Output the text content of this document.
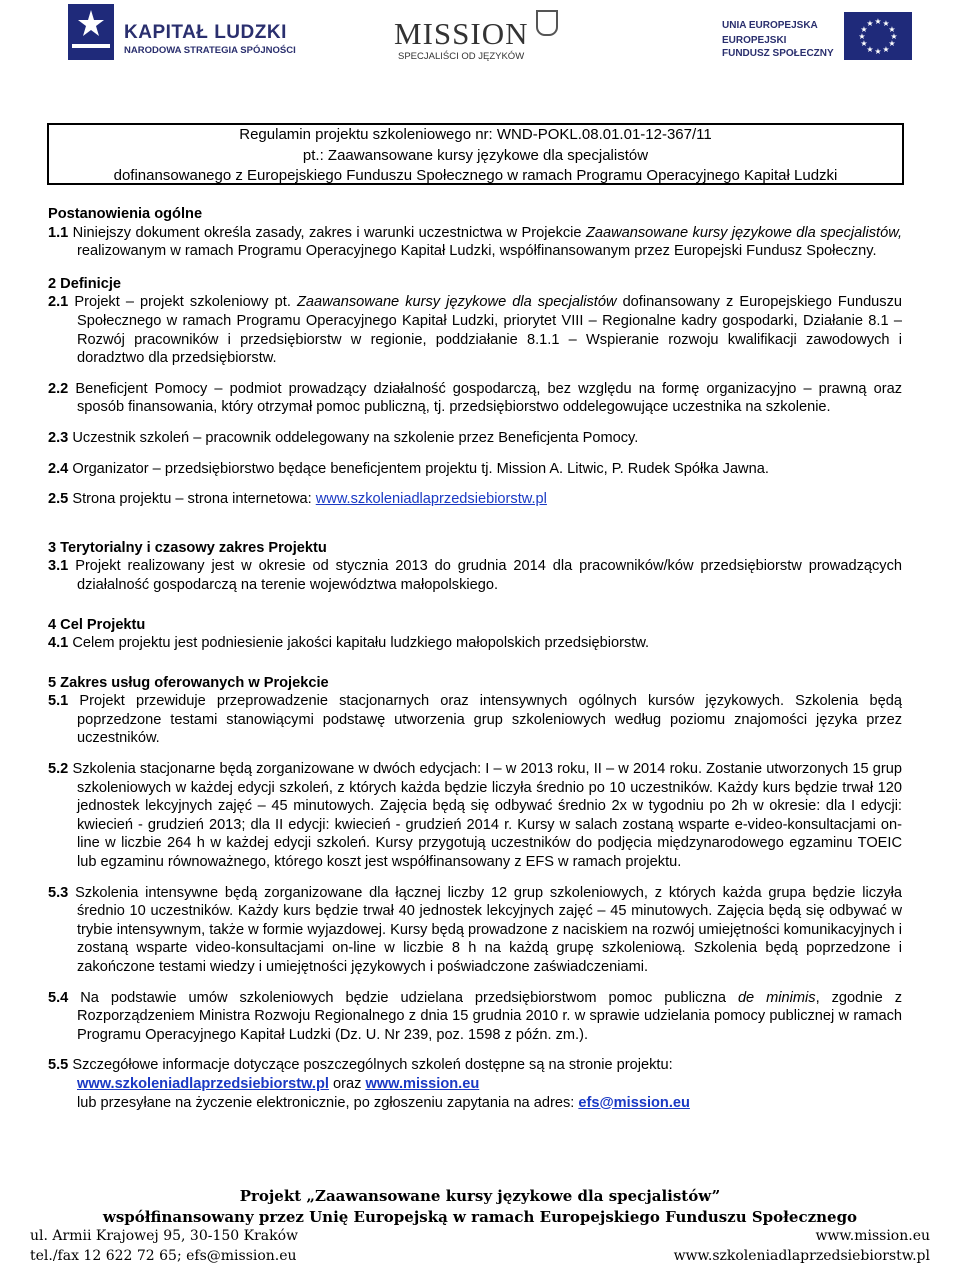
KAPITAŁ LUDZKI
NARODOWA STRATEGIA SPÓJNOŚCI	MISSION
SPECJALIŚCI OD JĘZYKÓW
UNIA EUROPEJSKA
EUROPEJSKI
FUNDUSZ SPOŁECZNY
★ ★
★
★
★
★
★
★
★
★
★
★
Regulamin projektu szkoleniowego nr: WND-POKL.08.01.01-12-367/11
pt.: Zaawansowane kursy językowe dla specjalistów
dofinansowanego z Europejskiego Funduszu Społecznego w ramach Programu Operacyjnego Kapitał Ludzki

Postanowienia ogólne

1.1 Niniejszy dokument określa zasady, zakres i warunki uczestnictwa w Projekcie Zaawansowane kursy językowe dla specjalistów, realizowanym w ramach Programu Operacyjnego Kapitał Ludzki, współfinansowanym przez Europejski Fundusz Społeczny.

2 Definicje

2.1 Projekt – projekt szkoleniowy pt. Zaawansowane kursy językowe dla specjalistów dofinansowany z Europejskiego Funduszu Społecznego w ramach Programu Operacyjnego Kapitał Ludzki, priorytet VIII – Regionalne kadry gospodarki, Działanie 8.1 – Rozwój pracowników i przedsiębiorstw w regionie, poddziałanie 8.1.1 – Wspieranie rozwoju kwalifikacji zawodowych i doradztwo dla przedsiębiorstw.

2.2 Beneficjent Pomocy – podmiot prowadzący działalność gospodarczą, bez względu na formę organizacyjno – prawną oraz sposób finansowania, który otrzymał pomoc publiczną, tj. przedsiębiorstwo oddelegowujące uczestnika na szkolenie.

2.3 Uczestnik szkoleń – pracownik oddelegowany na szkolenie przez Beneficjenta Pomocy.

2.4 Organizator – przedsiębiorstwo będące beneficjentem projektu tj. Mission A. Litwic, P. Rudek Spółka Jawna.

2.5 Strona projektu – strona internetowa: www.szkoleniadlaprzedsiebiorstw.pl

3 Terytorialny i czasowy zakres Projektu

3.1 Projekt realizowany jest w okresie od stycznia 2013 do grudnia 2014 dla pracowników/ków przedsiębiorstw prowadzących działalność gospodarczą na terenie województwa małopolskiego.

4 Cel Projektu

4.1 Celem projektu jest podniesienie jakości kapitału ludzkiego małopolskich przedsiębiorstw.

5 Zakres usług oferowanych w Projekcie

5.1 Projekt przewiduje przeprowadzenie stacjonarnych oraz intensywnych ogólnych kursów językowych. Szkolenia będą poprzedzone testami stanowiącymi podstawę utworzenia grup szkoleniowych według poziomu znajomości języka przez uczestników.

5.2 Szkolenia stacjonarne będą zorganizowane w dwóch edycjach: I – w 2013 roku, II – w 2014 roku. Zostanie utworzonych 15 grup szkoleniowych w każdej edycji szkoleń, z których każda będzie liczyła średnio po 10 uczestników. Każdy kurs będzie trwał 120 jednostek lekcyjnych zajęć – 45 minutowych. Zajęcia będą się odbywać średnio 2x w tygodniu po 2h w okresie: dla I edycji: kwiecień - grudzień 2013; dla II edycji: kwiecień - grudzień 2014 r. Kursy w salach zostaną wsparte e-video-konsultacjami on-line w liczbie 264 h w każdej edycji szkoleń. Kursy przygotują uczestników do podjęcia międzynarodowego egzaminu TOEIC lub egzaminu równoważnego, którego koszt jest współfinansowany z EFS w ramach projektu.

5.3 Szkolenia intensywne będą zorganizowane dla łącznej liczby 12 grup szkoleniowych, z których każda grupa będzie liczyła średnio 10 uczestników. Każdy kurs będzie trwał 40 jednostek lekcyjnych zajęć – 45 minutowych. Zajęcia będą się odbywać w trybie intensywnym, także w formie wyjazdowej. Kursy będą prowadzone z naciskiem na rozwój umiejętności komunikacyjnych i zostaną wsparte video-konsultacjami on-line w liczbie 8 h na każdą grupę szkoleniową. Szkolenia będą poprzedzone i zakończone testami wiedzy i umiejętności językowych i poświadczone zaświadczeniami.

5.4 Na podstawie umów szkoleniowych będzie udzielana przedsiębiorstwom pomoc publiczna de minimis, zgodnie z Rozporządzeniem Ministra Rozwoju Regionalnego z dnia 15 grudnia 2010 r. w sprawie udzielania pomocy publicznej w ramach Programu Operacyjnego Kapitał Ludzki (Dz. U. Nr 239, poz. 1598 z późn. zm.).

5.5 Szczegółowe informacje dotyczące poszczególnych szkoleń dostępne są na stronie projektu:
www.szkoleniadlaprzedsiebiorstw.pl oraz www.mission.eu
lub przesyłane na życzenie elektronicznie, po zgłoszeniu zapytania na adres: efs@mission.eu

Projekt „Zaawansowane kursy językowe dla specjalistów”
współfinansowany przez Unię Europejską w ramach Europejskiego Funduszu Społecznego
ul. Armii Krajowej 95, 30-150 Kraków	www.mission.eu
tel./fax 12 622 72 65; efs@mission.eu	www.szkoleniadlaprzedsiebiorstw.pl
